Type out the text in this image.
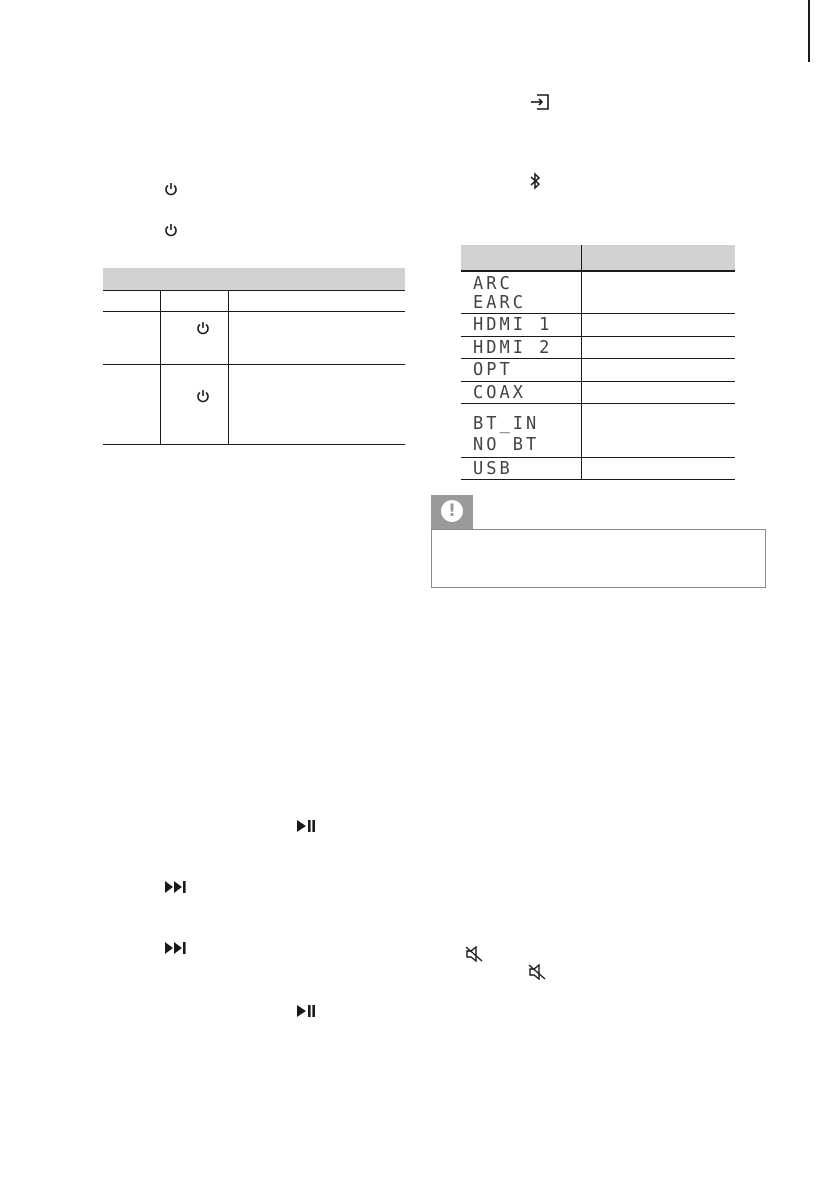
ARC
EARC
HDMI 1
HDMI 2
OPT
COAX
BT_IN
NO BT
USB
!
